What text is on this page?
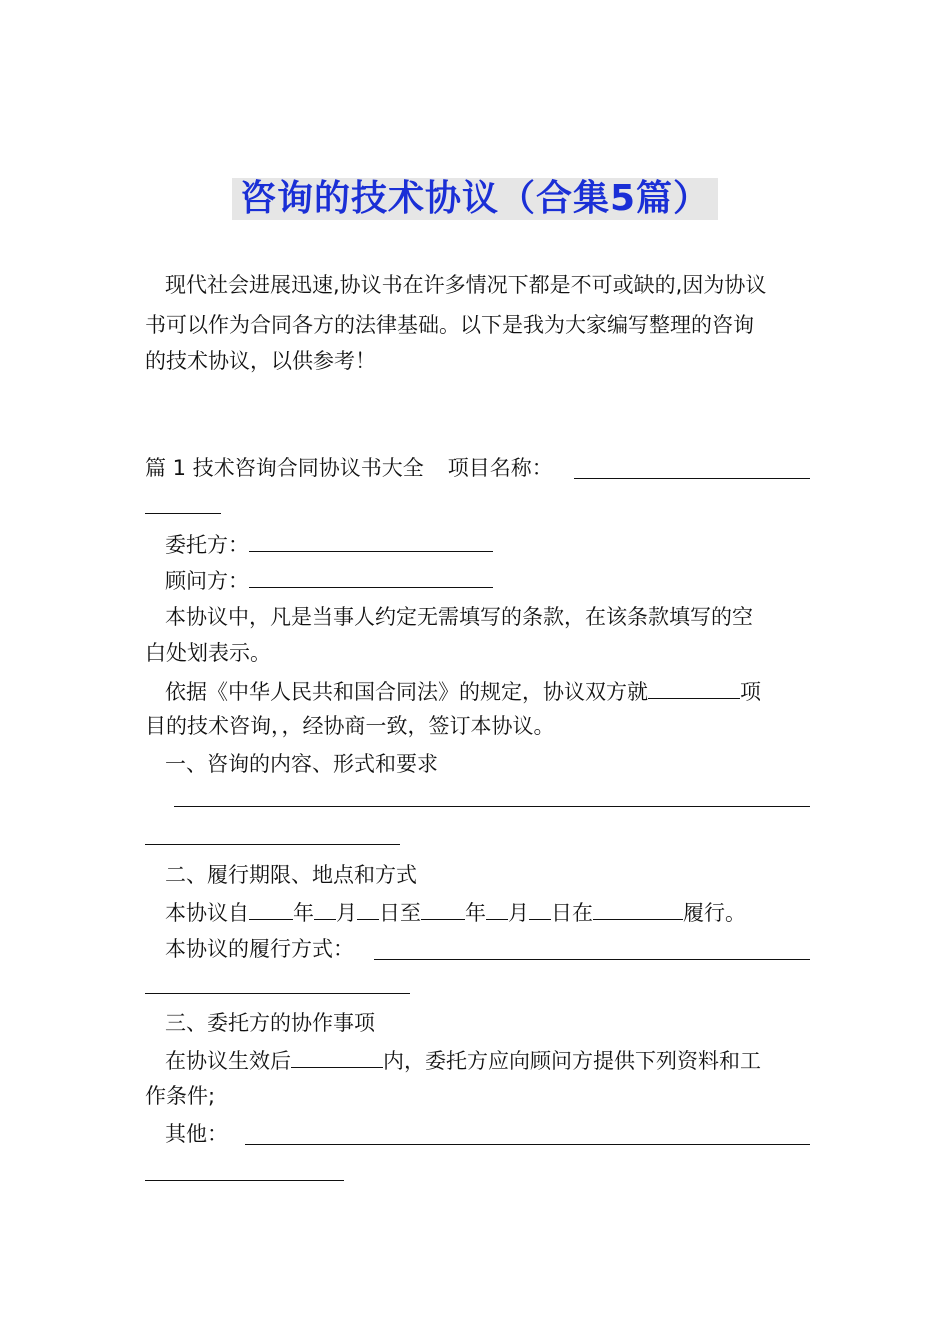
咨询的技术协议（合集5篇）
现代社会进展迅速,协议书在许多情况下都是不可或缺的,因为协议
书可以作为合同各方的法律基础。以下是我为大家编写整理的咨询
的技术协议，以供参考！
篇 1 技术咨询合同协议书大全 项目名称：
委托方：
顾问方：
本协议中，凡是当事人约定无需填写的条款，在该条款填写的空
白处划表示。
依据《中华人民共和国合同法》的规定，协议双方就	项
目的技术咨询，，经协商一致，签订本协议。
一、咨询的内容、形式和要求
二、履行期限、地点和方式
本协议自 年 月 日至 年 月 日在	履行。
本协议的履行方式：
三、委托方的协作事项
在协议生效后	内，委托方应向顾问方提供下列资料和工
作条件;
其他：
